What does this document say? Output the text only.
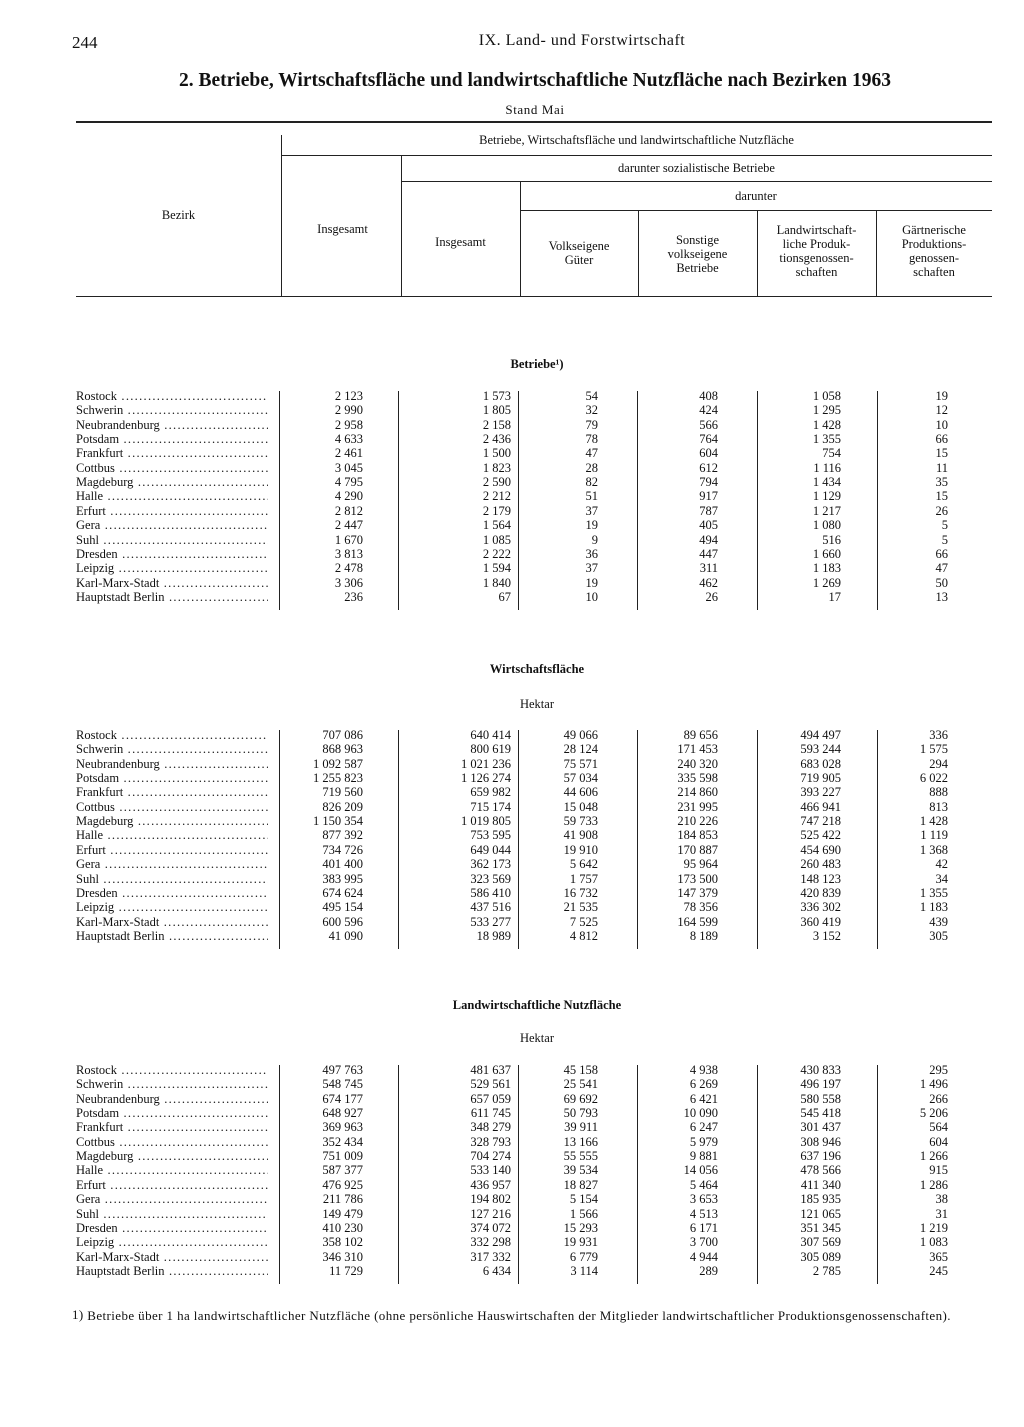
244	IX. Land- und Forstwirtschaft
2. Betriebe, Wirtschaftsfläche und landwirtschaftliche Nutzfläche nach Bezirken 1963
Stand Mai
Bezirk
Betriebe, Wirtschaftsfläche und landwirtschaftliche Nutzfläche
Insgesamt
darunter sozialistische Betriebe
Insgesamt
darunter
Volkseigene
Güter
Sonstige
volkseigene
Betriebe
Landwirtschaft-
liche Produk-
tionsgenossen-
schaften
Gärtnerische
Produktions-
genossen-
schaften
Betriebe¹)
Rostock .....	2 123	1 573	54	408	1 058	19
Schwerin .....	2 990	1 805	32	424	1 295	12
Neubrandenburg .....	2 958	2 158	79	566	1 428	10
Potsdam .....	4 633	2 436	78	764	1 355	66
Frankfurt .....	2 461	1 500	47	604	754	15
Cottbus .....	3 045	1 823	28	612	1 116	11
Magdeburg .....	4 795	2 590	82	794	1 434	35
Halle .....	4 290	2 212	51	917	1 129	15
Erfurt .....	2 812	2 179	37	787	1 217	26
Gera .....	2 447	1 564	19	405	1 080	5
Suhl .....	1 670	1 085	9	494	516	5
Dresden .....	3 813	2 222	36	447	1 660	66
Leipzig .....	2 478	1 594	37	311	1 183	47
Karl-Marx-Stadt .....	3 306	1 840	19	462	1 269	50
Hauptstadt Berlin .....	236	67	10	26	17	13
Wirtschaftsfläche
Hektar
Rostock .....	707 086	640 414	49 066	89 656	494 497	336
Schwerin .....	868 963	800 619	28 124	171 453	593 244	1 575
Neubrandenburg .....	1 092 587	1 021 236	75 571	240 320	683 028	294
Potsdam .....	1 255 823	1 126 274	57 034	335 598	719 905	6 022
Frankfurt .....	719 560	659 982	44 606	214 860	393 227	888
Cottbus .....	826 209	715 174	15 048	231 995	466 941	813
Magdeburg .....	1 150 354	1 019 805	59 733	210 226	747 218	1 428
Halle .....	877 392	753 595	41 908	184 853	525 422	1 119
Erfurt .....	734 726	649 044	19 910	170 887	454 690	1 368
Gera .....	401 400	362 173	5 642	95 964	260 483	42
Suhl .....	383 995	323 569	1 757	173 500	148 123	34
Dresden .....	674 624	586 410	16 732	147 379	420 839	1 355
Leipzig .....	495 154	437 516	21 535	78 356	336 302	1 183
Karl-Marx-Stadt .....	600 596	533 277	7 525	164 599	360 419	439
Hauptstadt Berlin .....	41 090	18 989	4 812	8 189	3 152	305
Landwirtschaftliche Nutzfläche
Hektar
Rostock .....	497 763	481 637	45 158	4 938	430 833	295
Schwerin .....	548 745	529 561	25 541	6 269	496 197	1 496
Neubrandenburg .....	674 177	657 059	69 692	6 421	580 558	266
Potsdam .....	648 927	611 745	50 793	10 090	545 418	5 206
Frankfurt .....	369 963	348 279	39 911	6 247	301 437	564
Cottbus .....	352 434	328 793	13 166	5 979	308 946	604
Magdeburg .....	751 009	704 274	55 555	9 881	637 196	1 266
Halle .....	587 377	533 140	39 534	14 056	478 566	915
Erfurt .....	476 925	436 957	18 827	5 464	411 340	1 286
Gera .....	211 786	194 802	5 154	3 653	185 935	38
Suhl .....	149 479	127 216	1 566	4 513	121 065	31
Dresden .....	410 230	374 072	15 293	6 171	351 345	1 219
Leipzig .....	358 102	332 298	19 931	3 700	307 569	1 083
Karl-Marx-Stadt .....	346 310	317 332	6 779	4 944	305 089	365
Hauptstadt Berlin .....	11 729	6 434	3 114	289	2 785	245
1) Betriebe über 1 ha landwirtschaftlicher Nutzfläche (ohne persönliche Hauswirtschaften der Mitglieder landwirtschaftlicher Produktionsgenossenschaften).
